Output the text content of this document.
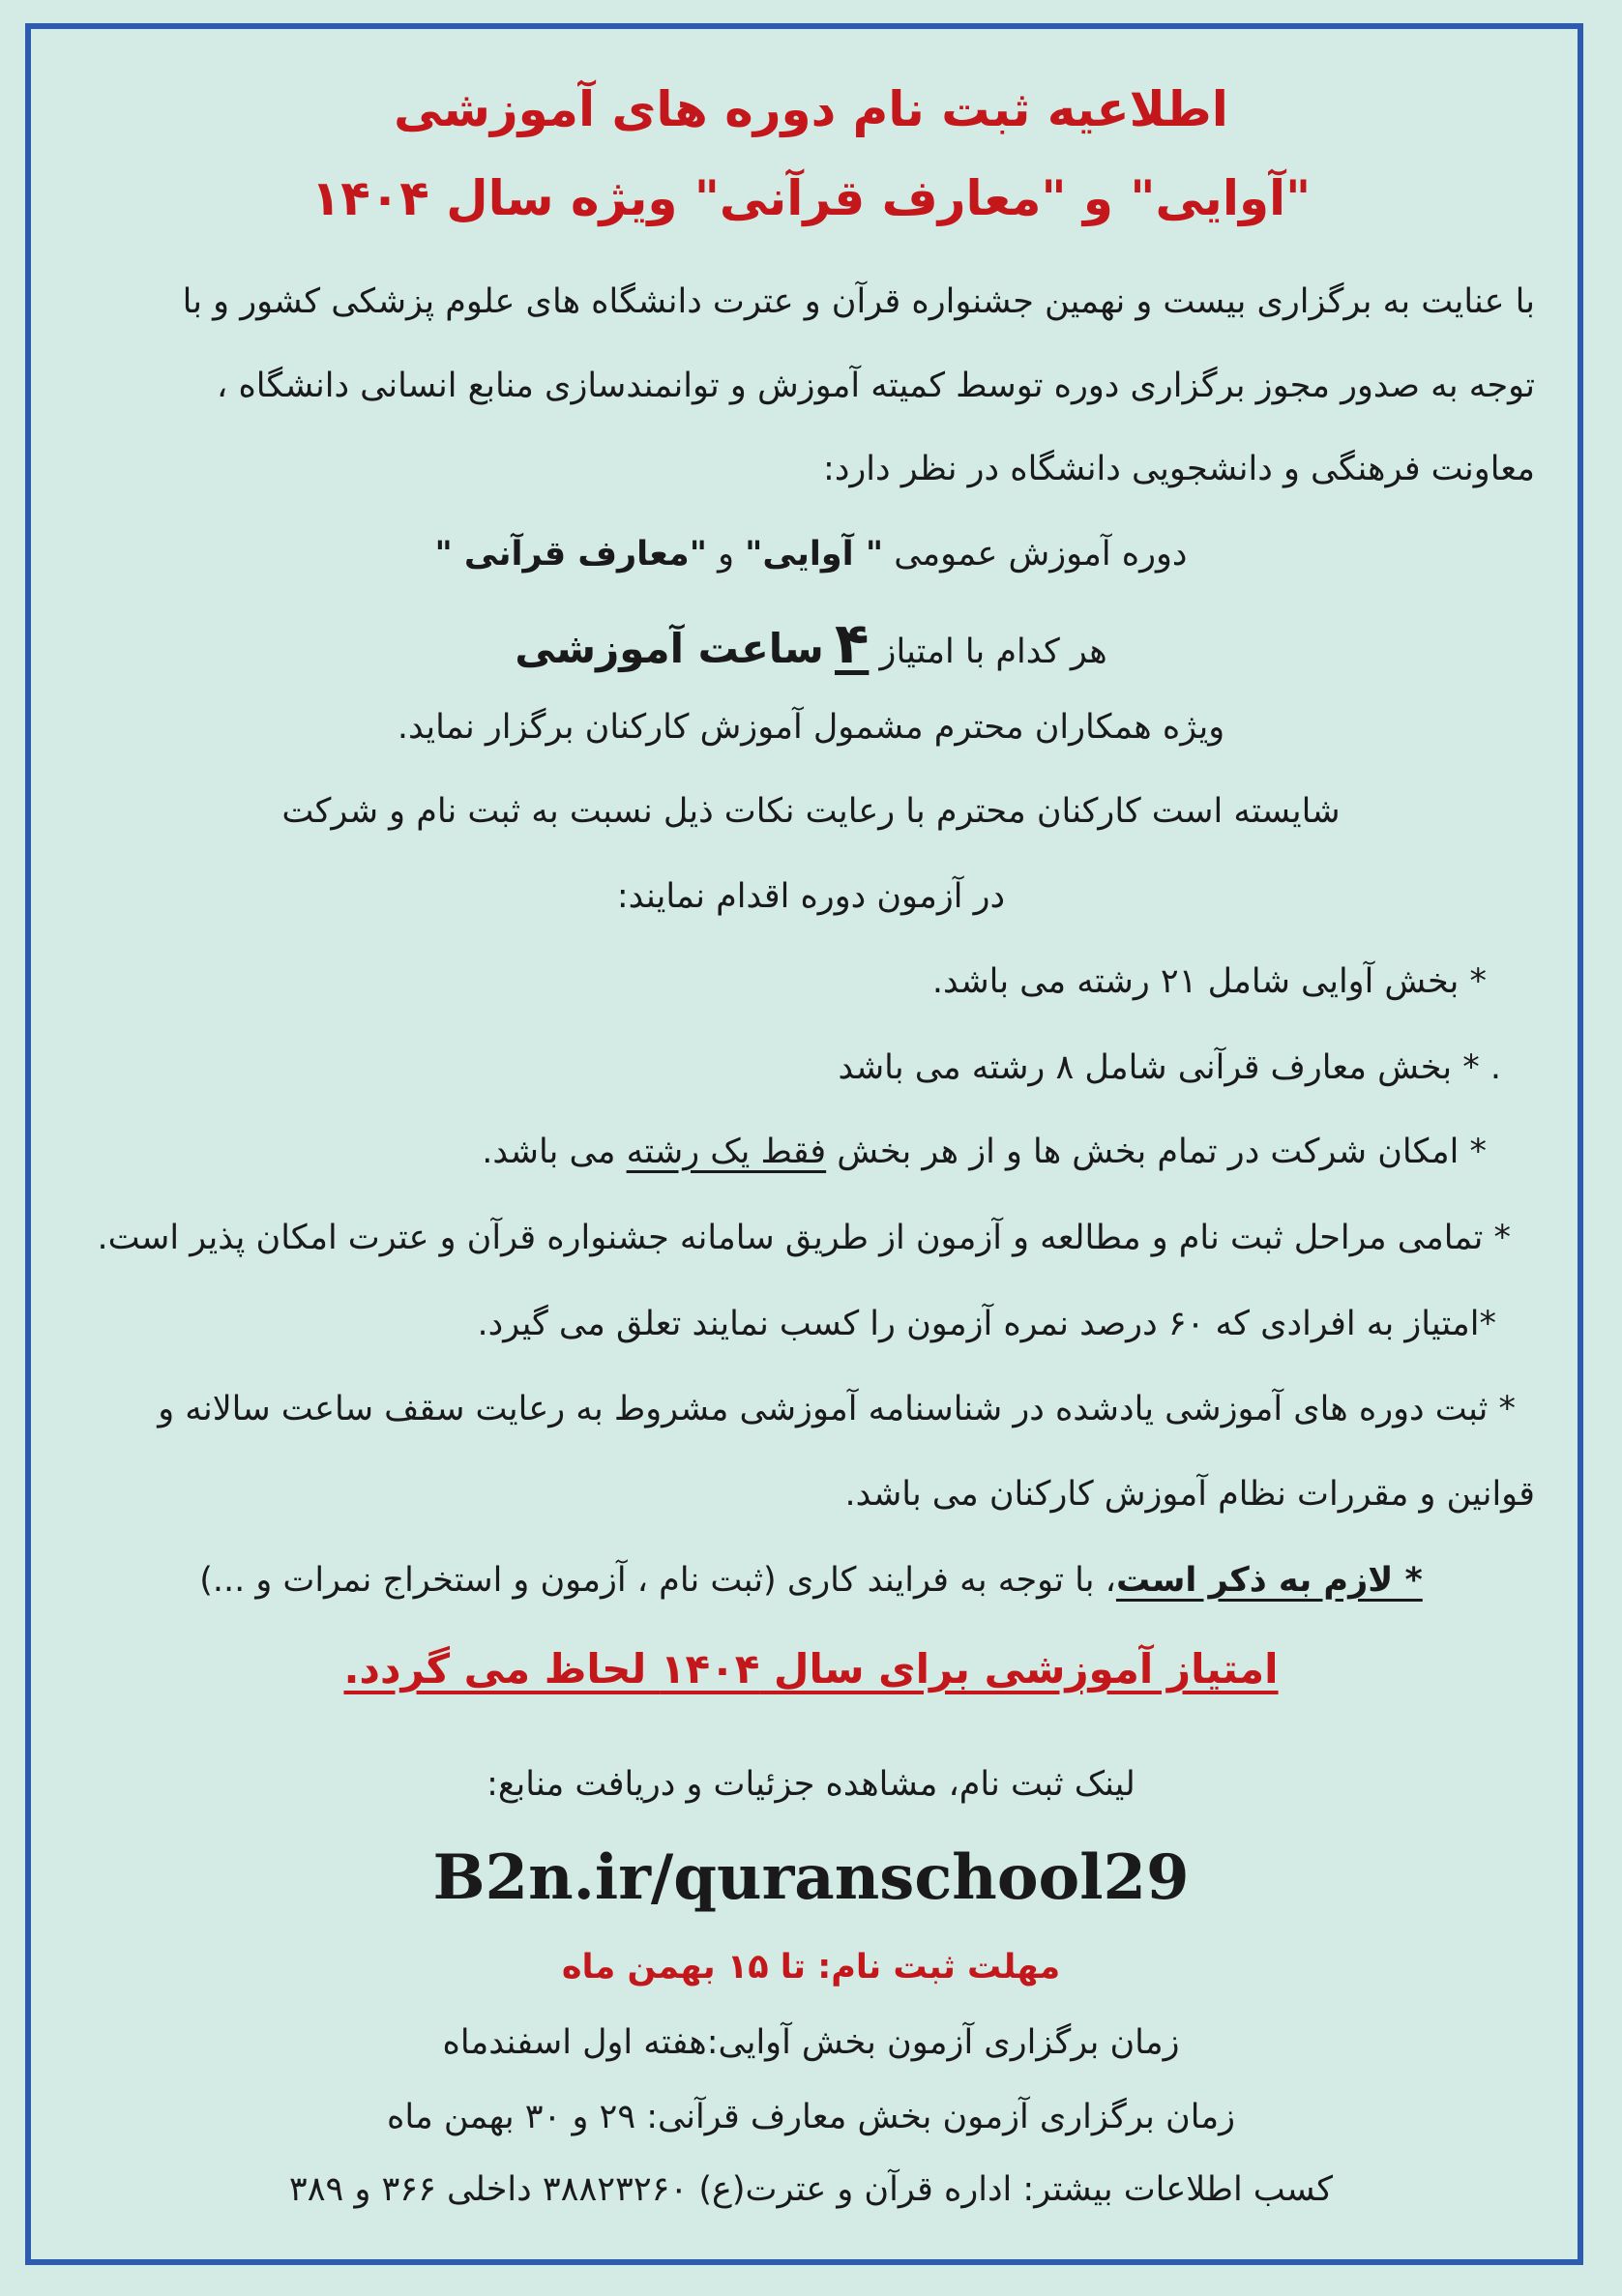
اطلاعیه ثبت نام دوره های آموزشی
"آوایی" و "معارف قرآنی" ویژه سال ۱۴۰۴
با عنایت به برگزاری بیست و نهمین جشنواره قرآن و عترت دانشگاه های علوم پزشکی کشور و با
توجه به صدور مجوز برگزاری دوره توسط کمیته آموزش و توانمندسازی منابع انسانی دانشگاه ،
معاونت فرهنگی و دانشجویی دانشگاه در نظر دارد:
دوره آموزش عمومی " آوایی" و "معارف قرآنی "
هر کدام با امتیاز ۴ ساعت آموزشی
ویژه همکاران محترم مشمول آموزش کارکنان برگزار نماید.
شایسته است کارکنان محترم با رعایت نکات ذیل نسبت به ثبت نام و شرکت
در آزمون دوره اقدام نمایند:
* بخش آوایی شامل ۲۱ رشته می باشد.
. * بخش معارف قرآنی شامل ۸ رشته می باشد
* امکان شرکت در تمام بخش ها و از هر بخش فقط یک رشته می باشد.
* تمامی مراحل ثبت نام و مطالعه و آزمون از طریق سامانه جشنواره قرآن و عترت امکان پذیر است.
*امتیاز به افرادی که ۶۰ درصد نمره آزمون را کسب نمایند تعلق می گیرد.
* ثبت دوره های آموزشی یادشده در شناسنامه آموزشی مشروط به رعایت سقف ساعت سالانه و
قوانین و مقررات نظام آموزش کارکنان می باشد.
* لازم به ذکر است، با توجه به فرایند کاری (ثبت نام ، آزمون و استخراج نمرات و ...)
امتیاز آموزشی برای سال ۱۴۰۴ لحاظ می گردد.
لینک ثبت نام، مشاهده جزئیات و دریافت منابع:
B2n.ir/quranschool29
مهلت ثبت نام: تا ۱۵ بهمن ماه
زمان برگزاری آزمون بخش آوایی:هفته اول اسفندماه
زمان برگزاری آزمون بخش معارف قرآنی: ۲۹ و ۳۰ بهمن ماه
کسب اطلاعات بیشتر: اداره قرآن و عترت(ع) ۳۸۸۲۳۲۶۰ داخلی ۳۶۶ و ۳۸۹
